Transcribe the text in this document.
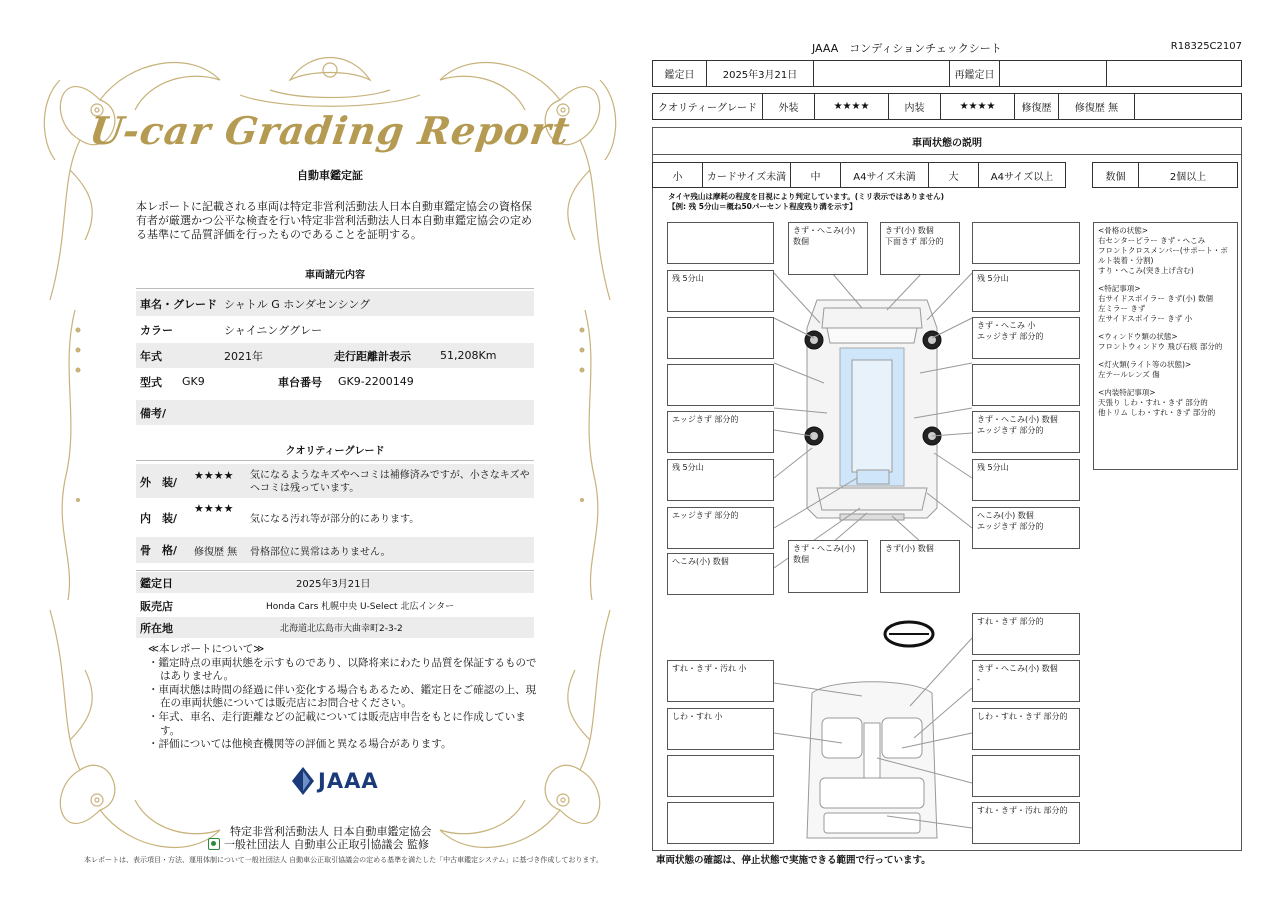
U-car Grading Report
自動車鑑定証
本レポートに記載される車両は特定非営利活動法人日本自動車鑑定協会の資格保有者が厳選かつ公平な検査を行い特定非営利活動法人日本自動車鑑定協会の定める基準にて品質評価を行ったものであることを証明する。
車両諸元内容
車名・グレード シャトル G ホンダセンシング
カラー	シャイニンググレー
年式	2021年	走行距離計表示	51,208Km
型式	GK9	車台番号	GK9-2200149
備考/
クオリティーグレード
外　装/
★★★★	気になるようなキズやヘコミは補修済みですが、小さなキズや
ヘコミは残っています。
内　装/
★★★★
気になる汚れ等が部分的にあります。
骨　格/	修復歴 無	骨格部位に異常はありません。
鑑定日	2025年3月21日
販売店	Honda Cars 札幌中央 U-Select 北広インター
所在地	北海道北広島市大曲幸町2-3-2
≪本レポートについて≫
・鑑定時点の車両状態を示すものであり、以降将来にわたり品質を保証するものではありません。
・車両状態は時間の経過に伴い変化する場合もあるため、鑑定日をご確認の上、現在の車両状態については販売店にお問合せください。
・年式、車名、走行距離などの記載については販売店申告をもとに作成しています。
・評価については他検査機関等の評価と異なる場合があります。
JAAA
特定非営利活動法人 日本自動車鑑定協会
一般社団法人 自動車公正取引協議会 監修
本レポートは、表示項目・方法、運用体制について一般社団法人 自動車公正取引協議会の定める基準を満たした「中古車鑑定システム」に基づき作成しております。
JAAA　コンディションチェックシート	R18325C2107
鑑定日	2025年3月21日	再鑑定日
クオリティーグレード	外装	★★★★	内装	★★★★	修復歴	修復歴 無
車両状態の説明
小	カードサイズ未満	中	A4サイズ未満	大	A4サイズ以上	数個	2個以上
タイヤ残山は摩耗の程度を目視により判定しています。(ミリ表示ではありません)
【例: 残 5分山＝概ね50パーセント程度残り溝を示す】
残 5分山
エッジきず 部分的
残 5分山
エッジきず 部分的
へこみ(小) 数個
きず・へこみ(小) 数個
きず(小) 数個
下面きず 部分的
きず・へこみ(小) 数個
きず(小) 数個
残 5分山
きず・へこみ 小
エッジきず 部分的
きず・へこみ(小) 数個
エッジきず 部分的
残 5分山
へこみ(小) 数個
エッジきず 部分的
すれ・きず・汚れ 小
しわ・すれ 小
すれ・きず 部分的
きず・へこみ(小) 数個
-
しわ・すれ・きず 部分的
すれ・きず・汚れ 部分的
<骨格の状態>
右センターピラー きず・へこみ
フロントクロスメンバー(サポート・ボ
ルト装着・分割)
すり・へこみ(突き上げ含む)
<特記事項>
右サイドスポイラー きず(小) 数個
左ミラー きず
左サイドスポイラー きず 小
<ウィンドウ類の状態>
フロントウィンドウ 飛び石痕 部分的
<灯火類(ライト等の状態)>
左テールレンズ 傷
<内装特記事項>
天張り しわ・すれ・きず 部分的
他トリム しわ・すれ・きず 部分的
車両状態の確認は、停止状態で実施できる範囲で行っています。
